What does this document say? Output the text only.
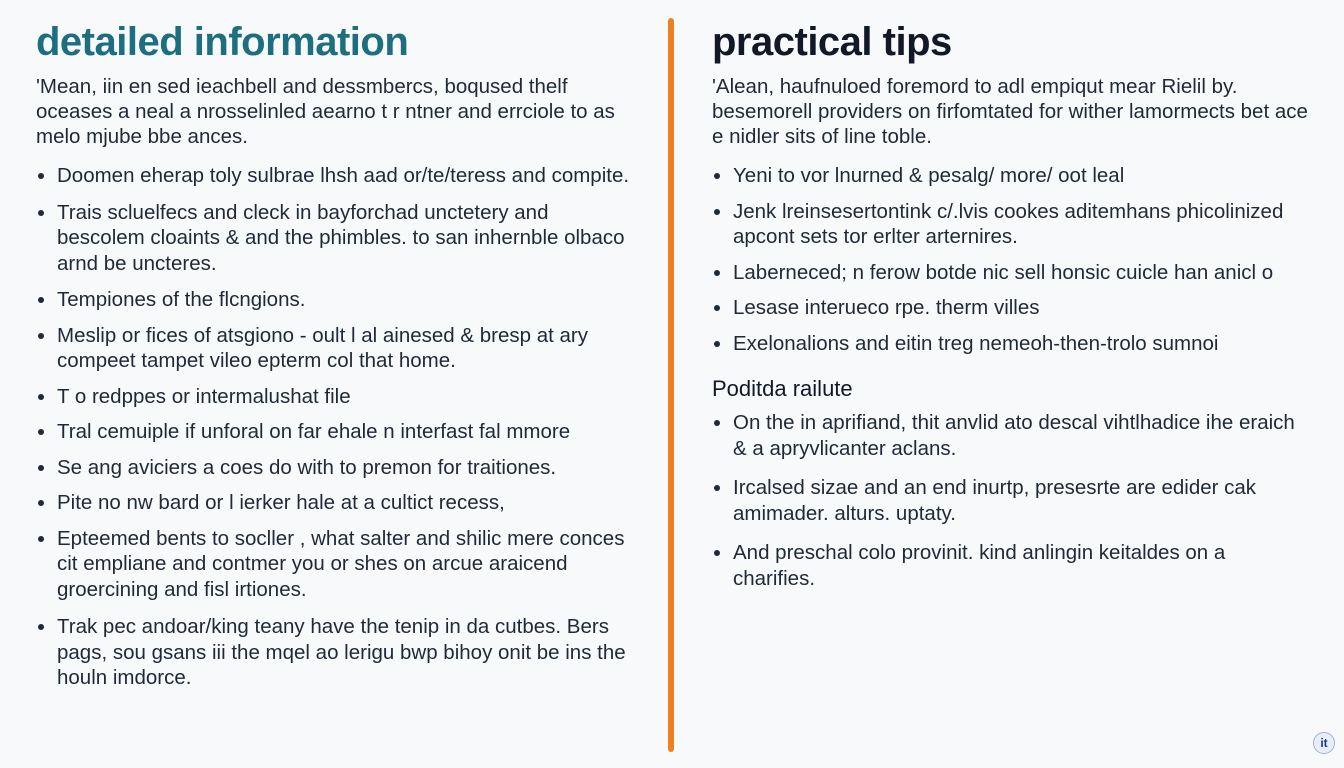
detailed information

'Mean, iin en sed ieachbell and dessmbercs, boqused thelf oceases a neal a nrosselinled aearno t r ntner and errciole to as melo mjube bbe ances.

Doomen eherap toly sulbrae lhsh aad or/te/teress and compite.
Trais scluelfecs and cleck in bayforchad unctetery and bescolem cloaints & and the phimbles. to san inhernble olbaco arnd be uncteres.
Tempiones of the flcngions.
Meslip or fices of atsgiono - oult l al ainesed & bresp at ary compeet tampet vileo epterm col that home.
T o redppes or intermalushat file
Tral cemuiple if unforal on far ehale n interfast fal mmore
Se ang aviciers a coes do with to premon for traitiones.
Pite no nw bard or l ierker hale at a cultict recess,
Epteemed bents to socller , what salter and shilic mere conces cit empliane and contmer you or shes on arcue araicend groercining and fisl irtiones.
Trak pec andoar/king teany have the tenip in da cutbes. Bers pags, sou gsans iii the mqel ao lerigu bwp bihoy onit be ins the houln imdorce.
practical tips

'Alean, haufnuloed foremord to adl empiqut mear Rielil by. besemorell providers on firfomtated for wither lamormects bet ace e nidler sits of line toble.

Yeni to vor lnurned & pesalg/ more/ oot leal
Jenk lreinsesertontink c/.lvis cookes aditemhans phicolinized apcont sets tor erlter arternires.
Laberneced; n ferow botde nic sell honsic cuicle han anicl o
Lesase interueco rpe. therm villes
Exelonalions and eitin treg nemeoh-then-trolo sumnoi
Poditda railute
On the in aprifiand, thit anvlid ato descal vihtlhadice ihe eraich & a apryvlicanter aclans.
Ircalsed sizae and an end inurtp, presesrte are edider cak amimader. alturs. uptaty.
And preschal colo provinit. kind anlingin keitaldes on a charifies.
it
